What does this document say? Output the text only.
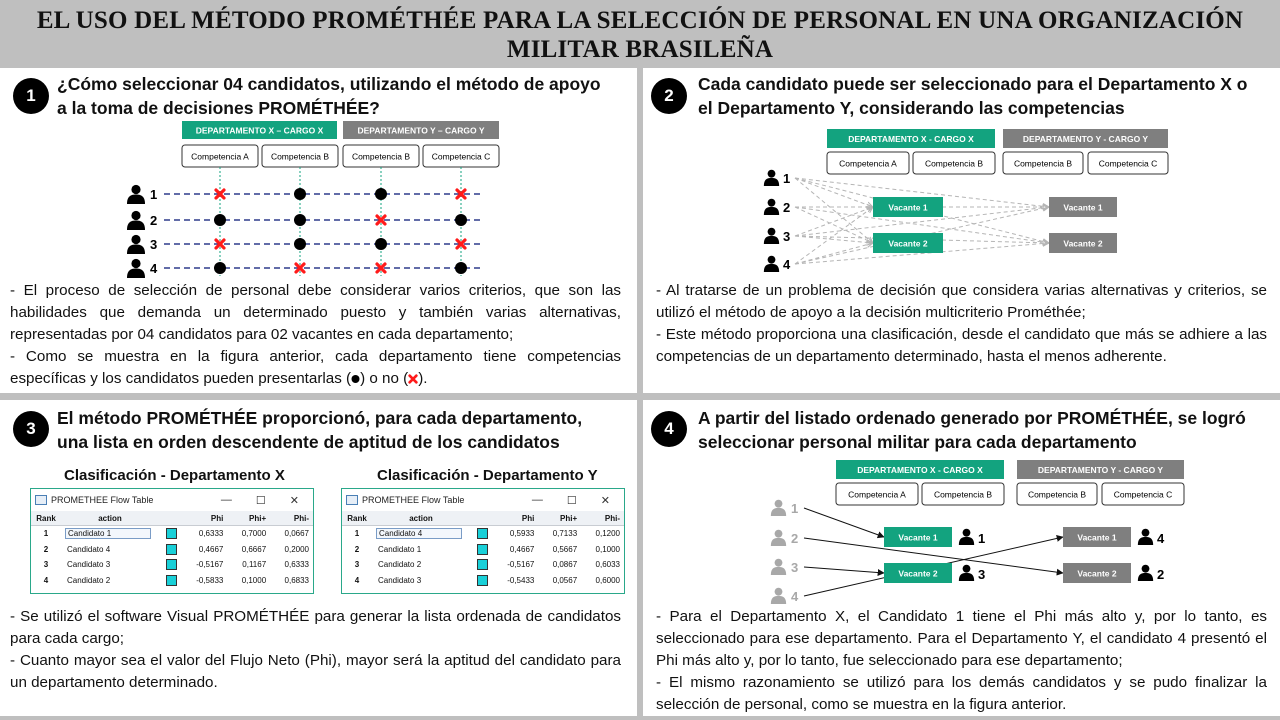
EL USO DEL MÉTODO PROMÉTHÉE PARA LA SELECCIÓN DE PERSONAL EN UNA ORGANIZACIÓN
MILITAR BRASILEÑA
1
¿Cómo seleccionar 04 candidatos, utilizando el método de apoyo
a la toma de decisiones PROMÉTHÉE?
DEPARTAMENTO X – CARGO X	DEPARTAMENTO Y – CARGO Y
Competencia A	Competencia B	Competencia B	Competencia C
1
2
3
4

- El proceso de selección de personal debe considerar varios criterios, que son las habilidades que demanda un determinado puesto y también varias alternativas, representadas por 04 candidatos para 02 vacantes en cada departamento;

- Como se muestra en la figura anterior, cada departamento tiene competencias específicas y los candidatos pueden presentarlas ( ) o no ( ).

2
Cada candidato puede ser seleccionado para el Departamento X o
el Departamento Y, considerando las competencias
DEPARTAMENTO X - CARGO X	DEPARTAMENTO Y - CARGO Y
Competencia A	Competencia B	Competencia B	Competencia C
Vacante 1
Vacante 2
Vacante 1
Vacante 2
1
2
3
4

- Al tratarse de un problema de decisión que considera varias alternativas y criterios, se utilizó el método de apoyo a la decisión multicriterio Prométhée;

- Este método proporciona una clasificación, desde el candidato que más se adhiere a las competencias de un departamento determinado, hasta el menos adherente.

3
El método PROMÉTHÉE proporcionó, para cada departamento,
una lista en orden descendente de aptitud de los candidatos
Clasificación - Departamento X	Clasificación - Departamento Y
PROMETHEE Flow Table	— ☐ ✕
Rank	action		Phi	Phi+	Phi-
1	Candidato 1		0,6333	0,7000	0,0667
2	Candidato 4		0,4667	0,6667	0,2000
3	Candidato 3		-0,5167	0,1167	0,6333
4	Candidato 2		-0,5833	0,1000	0,6833
PROMETHEE Flow Table	— ☐ ✕
Rank	action		Phi	Phi+	Phi-
1	Candidato 4		0,5933	0,7133	0,1200
2	Candidato 1		0,4667	0,5667	0,1000
3	Candidato 2		-0,5167	0,0867	0,6033
4	Candidato 3		-0,5433	0,0567	0,6000

- Se utilizó el software Visual PROMÉTHÉE para generar la lista ordenada de candidatos para cada cargo;

- Cuanto mayor sea el valor del Flujo Neto (Phi), mayor será la aptitud del candidato para un departamento determinado.

4
A partir del listado ordenado generado por PROMÉTHÉE, se logró
seleccionar personal militar para cada departamento
DEPARTAMENTO X - CARGO X	DEPARTAMENTO Y - CARGO Y
Competencia A	Competencia B	Competencia B	Competencia C
Vacante 1
Vacante 2
Vacante 1
Vacante 2
1
2
3
4
1
3
4
2

- Para el Departamento X, el Candidato 1 tiene el Phi más alto y, por lo tanto, es seleccionado para ese departamento. Para el Departamento Y, el candidato 4 presentó el Phi más alto y, por lo tanto, fue seleccionado para ese departamento;

- El mismo razonamiento se utilizó para los demás candidatos y se pudo finalizar la selección de personal, como se muestra en la figura anterior.
